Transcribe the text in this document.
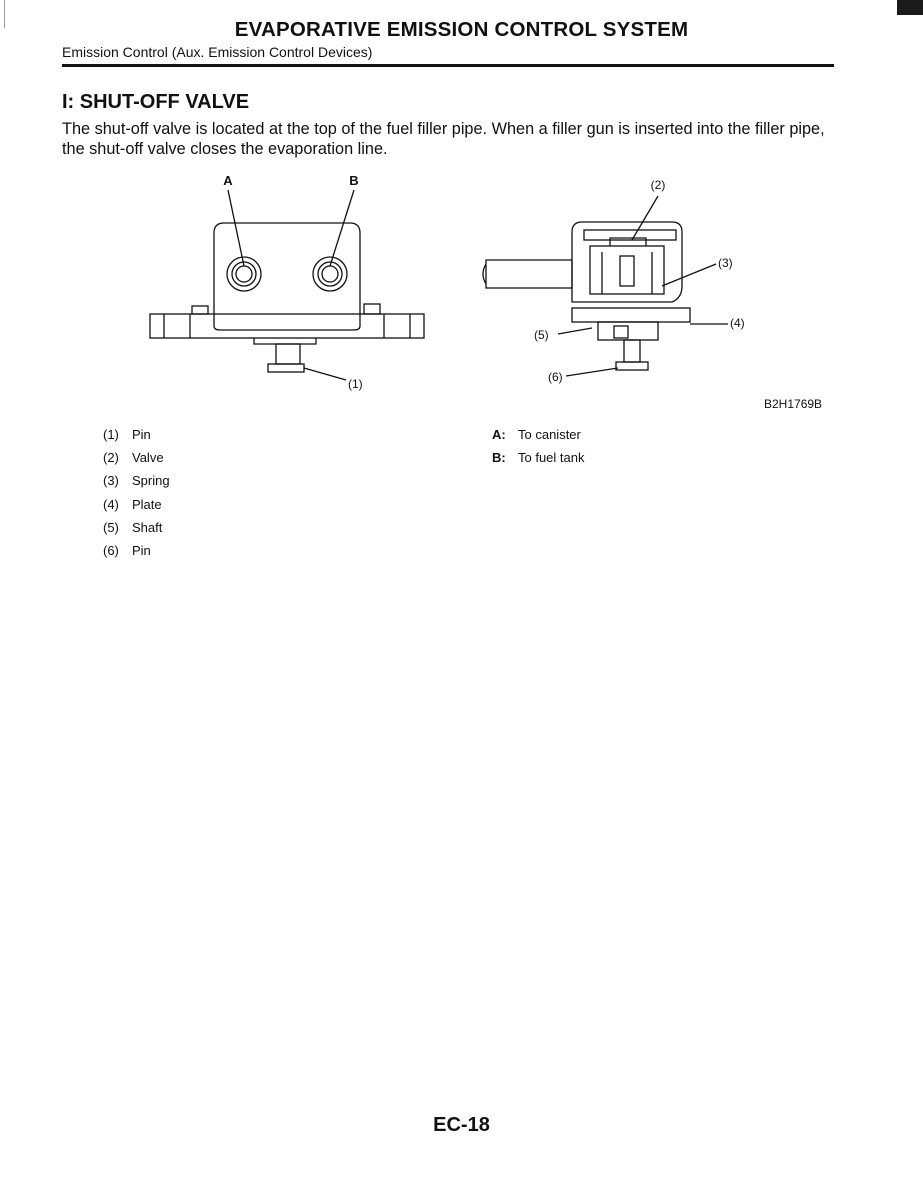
EVAPORATIVE EMISSION CONTROL SYSTEM
Emission Control (Aux. Emission Control Devices)
I: SHUT-OFF VALVE
The shut-off valve is located at the top of the fuel filler pipe. When a filler gun is inserted into the filler pipe, the shut-off valve closes the evaporation line.
A	B
(1)
(2)
(3)
(4)
(5)
(6)
B2H1769B
(1) Pin
(2) Valve
(3) Spring
(4) Plate
(5) Shaft
(6) Pin
A: To canister
B: To fuel tank
EC-18
